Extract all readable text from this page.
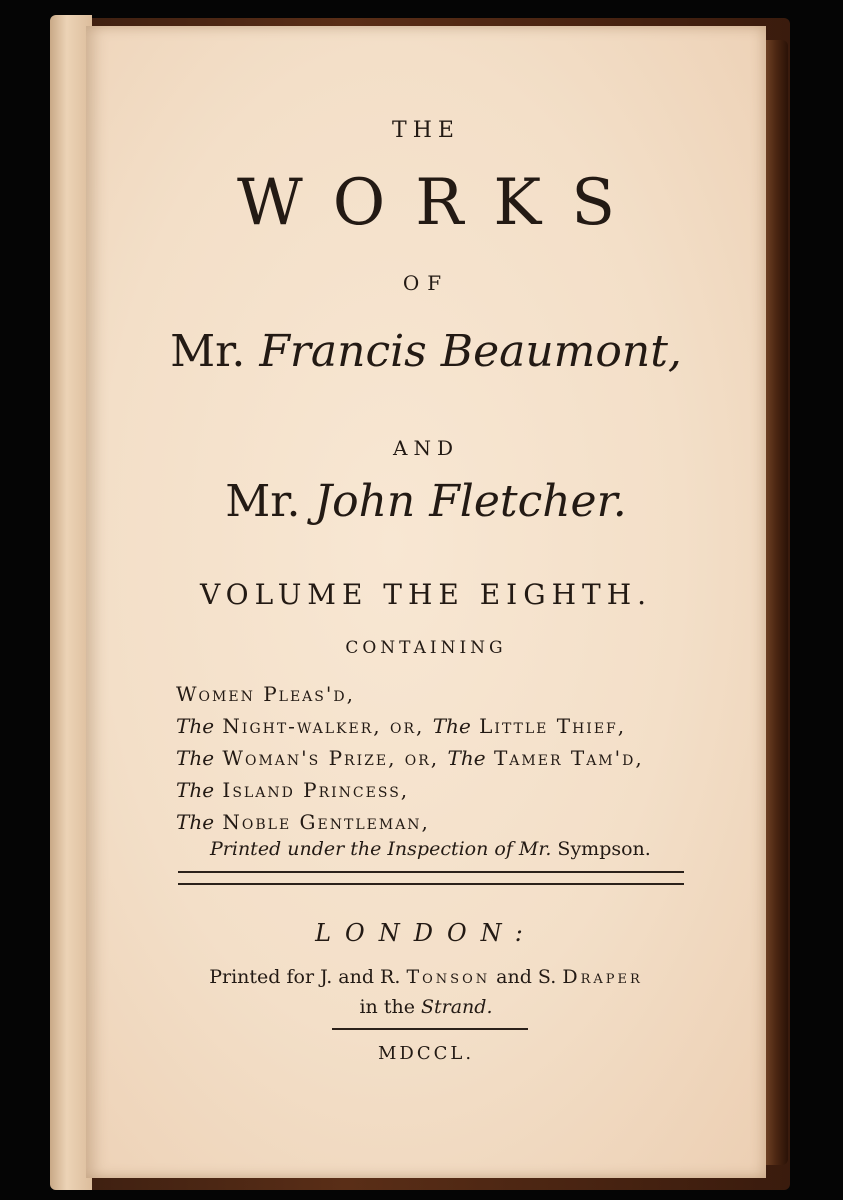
THE
WORKS
OF
Mr. Francis Beaumont,
AND
Mr. John Fletcher.
VOLUME THE EIGHTH.
CONTAINING
Women Pleas'd,
The Night-walker, or, The Little Thief,
The Woman's Prize, or, The Tamer Tam'd,
The Island Princess,
The Noble Gentleman,
Printed under the Inspection of Mr. Sympson.
LONDON:
Printed for J. and R. Tonson and S. Draper
in the Strand.
MDCCL.
